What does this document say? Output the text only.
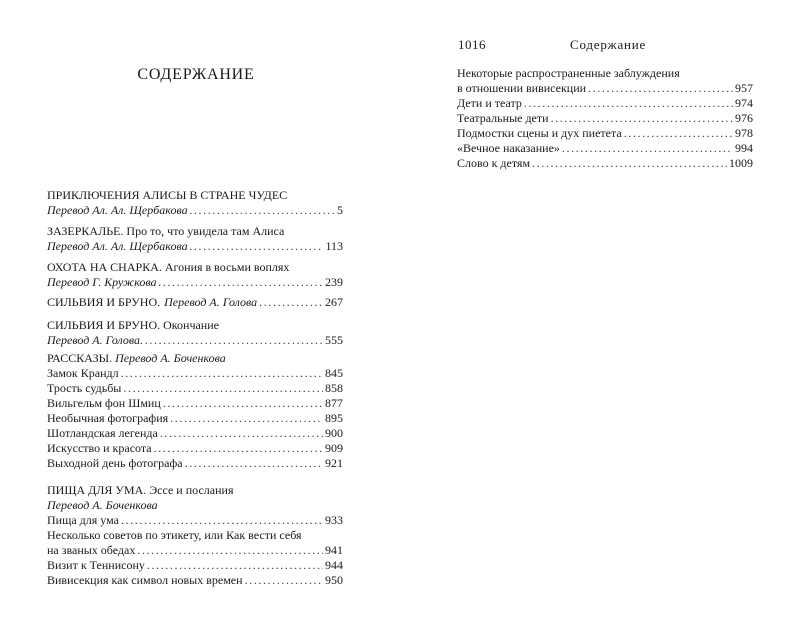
СОДЕРЖАНИЕ
ПРИКЛЮЧЕНИЯ АЛИСЫ В СТРАНЕ ЧУДЕС
Перевод Ал. Ал. Щербакова .....	5
ЗАЗЕРКАЛЬЕ. Про то, что увидела там Алиса
Перевод Ал. Ал. Щербакова .....	113
ОХОТА НА СНАРКА. Агония в восьми воплях
Перевод Г. Кружкова .....	239
СИЛЬВИЯ И БРУНО. Перевод А. Голова .....	267
СИЛЬВИЯ И БРУНО. Окончание
Перевод А. Голова. .....	555
РАССКАЗЫ. Перевод А. Боченкова
Замок Крандл .....	845
Трость судьбы .....	858
Вильгельм фон Шмиц .....	877
Необычная фотография .....	895
Шотландская легенда .....	900
Искусство и красота .....	909
Выходной день фотографа .....	921
ПИЩА ДЛЯ УМА. Эссе и послания
Перевод А. Боченкова
Пища для ума .....	933
Несколько советов по этикету, или Как вести себя
на званых обедах .....	941
Визит к Теннисону .....	944
Вивисекция как символ новых времен .....	950
1016	Содержание
Некоторые распространенные заблуждения
в отношении вивисекции .....	957
Дети и театр .....	974
Театральные дети .....	976
Подмостки сцены и дух пиетета .....	978
«Вечное наказание» .....	994
Слово к детям .....	1009
